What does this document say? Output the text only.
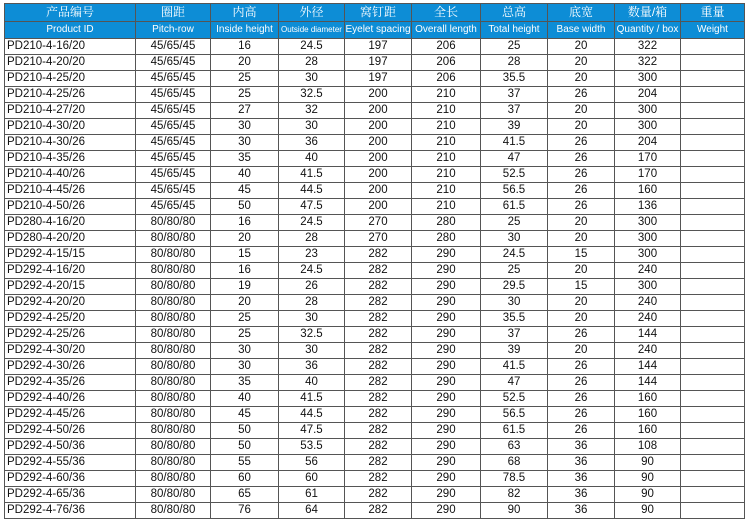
产品编号	圈距	内高	外径	窝钉距	全长	总高	底宽	数量/箱	重量
Product ID	Pitch-row	Inside height	Outside diameter	Eyelet spacing	Overall length	Total height	Base width	Quantity / box	Weight
PD210-4-16/20	45/65/45	16	24.5	197	206	25	20	322	
PD210-4-20/20	45/65/45	20	28	197	206	28	20	322	
PD210-4-25/20	45/65/45	25	30	197	206	35.5	20	300	
PD210-4-25/26	45/65/45	25	32.5	200	210	37	26	204	
PD210-4-27/20	45/65/45	27	32	200	210	37	20	300	
PD210-4-30/20	45/65/45	30	30	200	210	39	20	300	
PD210-4-30/26	45/65/45	30	36	200	210	41.5	26	204	
PD210-4-35/26	45/65/45	35	40	200	210	47	26	170	
PD210-4-40/26	45/65/45	40	41.5	200	210	52.5	26	170	
PD210-4-45/26	45/65/45	45	44.5	200	210	56.5	26	160	
PD210-4-50/26	45/65/45	50	47.5	200	210	61.5	26	136	
PD280-4-16/20	80/80/80	16	24.5	270	280	25	20	300	
PD280-4-20/20	80/80/80	20	28	270	280	30	20	300	
PD292-4-15/15	80/80/80	15	23	282	290	24.5	15	300	
PD292-4-16/20	80/80/80	16	24.5	282	290	25	20	240	
PD292-4-20/15	80/80/80	19	26	282	290	29.5	15	300	
PD292-4-20/20	80/80/80	20	28	282	290	30	20	240	
PD292-4-25/20	80/80/80	25	30	282	290	35.5	20	240	
PD292-4-25/26	80/80/80	25	32.5	282	290	37	26	144	
PD292-4-30/20	80/80/80	30	30	282	290	39	20	240	
PD292-4-30/26	80/80/80	30	36	282	290	41.5	26	144	
PD292-4-35/26	80/80/80	35	40	282	290	47	26	144	
PD292-4-40/26	80/80/80	40	41.5	282	290	52.5	26	160	
PD292-4-45/26	80/80/80	45	44.5	282	290	56.5	26	160	
PD292-4-50/26	80/80/80	50	47.5	282	290	61.5	26	160	
PD292-4-50/36	80/80/80	50	53.5	282	290	63	36	108	
PD292-4-55/36	80/80/80	55	56	282	290	68	36	90	
PD292-4-60/36	80/80/80	60	60	282	290	78.5	36	90	
PD292-4-65/36	80/80/80	65	61	282	290	82	36	90	
PD292-4-76/36	80/80/80	76	64	282	290	90	36	90	
